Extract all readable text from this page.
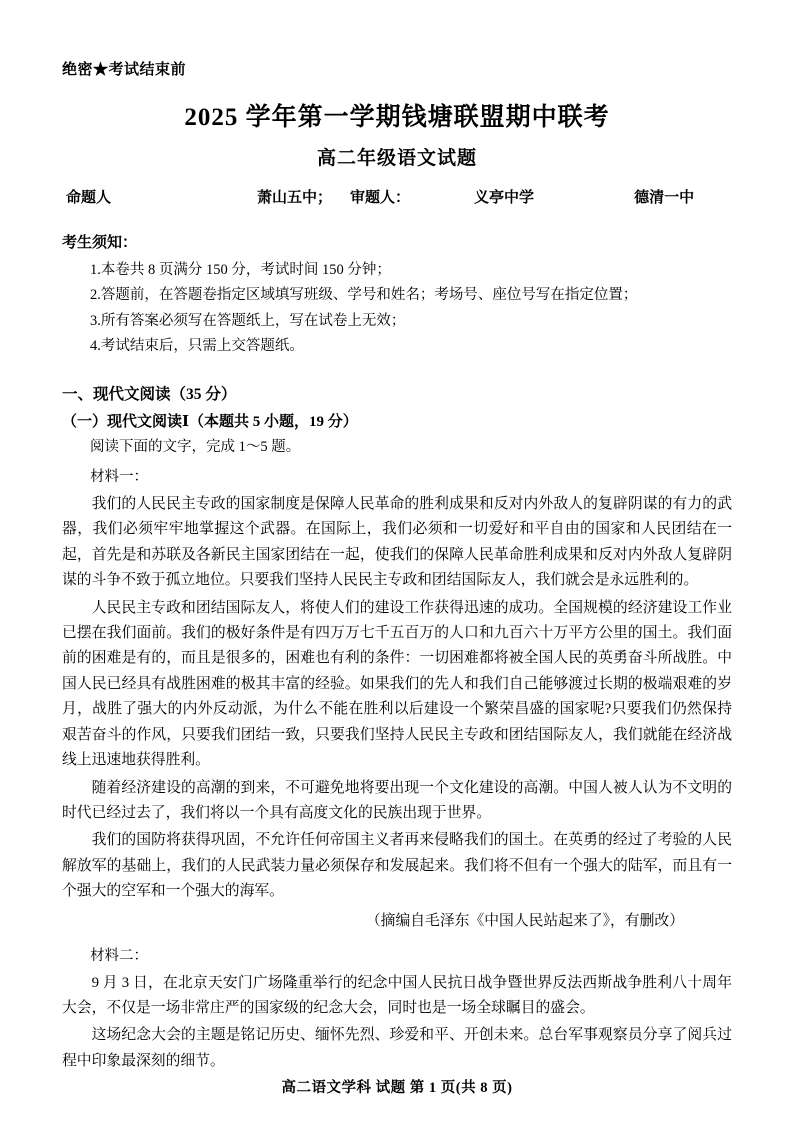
绝密★考试结束前
2025 学年第一学期钱塘联盟期中联考
高二年级语文试题
命题人	萧山五中； 审题人：	义亭中学	德清一中
考生须知：
1.本卷共 8 页满分 150 分，考试时间 150 分钟；
2.答题前，在答题卷指定区域填写班级、学号和姓名；考场号、座位号写在指定位置；
3.所有答案必须写在答题纸上，写在试卷上无效；
4.考试结束后，只需上交答题纸。
一、现代文阅读（35 分）
（一）现代文阅读Ⅰ（本题共 5 小题，19 分）
阅读下面的文字，完成 1～5 题。
材料一：
我们的人民民主专政的国家制度是保障人民革命的胜利成果和反对内外敌人的复辟阴谋的有力的武器，我们必须牢牢地掌握这个武器。在国际上，我们必须和一切爱好和平自由的国家和人民团结在一起，首先是和苏联及各新民主国家团结在一起，使我们的保障人民革命胜利成果和反对内外敌人复辟阴谋的斗争不致于孤立地位。只要我们坚持人民民主专政和团结国际友人，我们就会是永远胜利的。
人民民主专政和团结国际友人，将使人们的建设工作获得迅速的成功。全国规模的经济建设工作业已摆在我们面前。我们的极好条件是有四万万七千五百万的人口和九百六十万平方公里的国土。我们面前的困难是有的，而且是很多的，困难也有利的条件：一切困难都将被全国人民的英勇奋斗所战胜。中国人民已经具有战胜困难的极其丰富的经验。如果我们的先人和我们自己能够渡过长期的极端艰难的岁月，战胜了强大的内外反动派，为什么不能在胜利以后建设一个繁荣昌盛的国家呢?只要我们仍然保持艰苦奋斗的作风，只要我们团结一致，只要我们坚持人民民主专政和团结国际友人，我们就能在经济战线上迅速地获得胜利。
随着经济建设的高潮的到来，不可避免地将要出现一个文化建设的高潮。中国人被人认为不文明的时代已经过去了，我们将以一个具有高度文化的民族出现于世界。
我们的国防将获得巩固，不允许任何帝国主义者再来侵略我们的国土。在英勇的经过了考验的人民解放军的基础上，我们的人民武装力量必须保存和发展起来。我们将不但有一个强大的陆军，而且有一个强大的空军和一个强大的海军。
（摘编自毛泽东《中国人民站起来了》，有删改）
材料二：
9 月 3 日，在北京天安门广场隆重举行的纪念中国人民抗日战争暨世界反法西斯战争胜利八十周年大会，不仅是一场非常庄严的国家级的纪念大会，同时也是一场全球瞩目的盛会。
这场纪念大会的主题是铭记历史、缅怀先烈、珍爱和平、开创未来。总台军事观察员分享了阅兵过程中印象最深刻的细节。
高二语文学科 试题 第 1 页(共 8 页)
